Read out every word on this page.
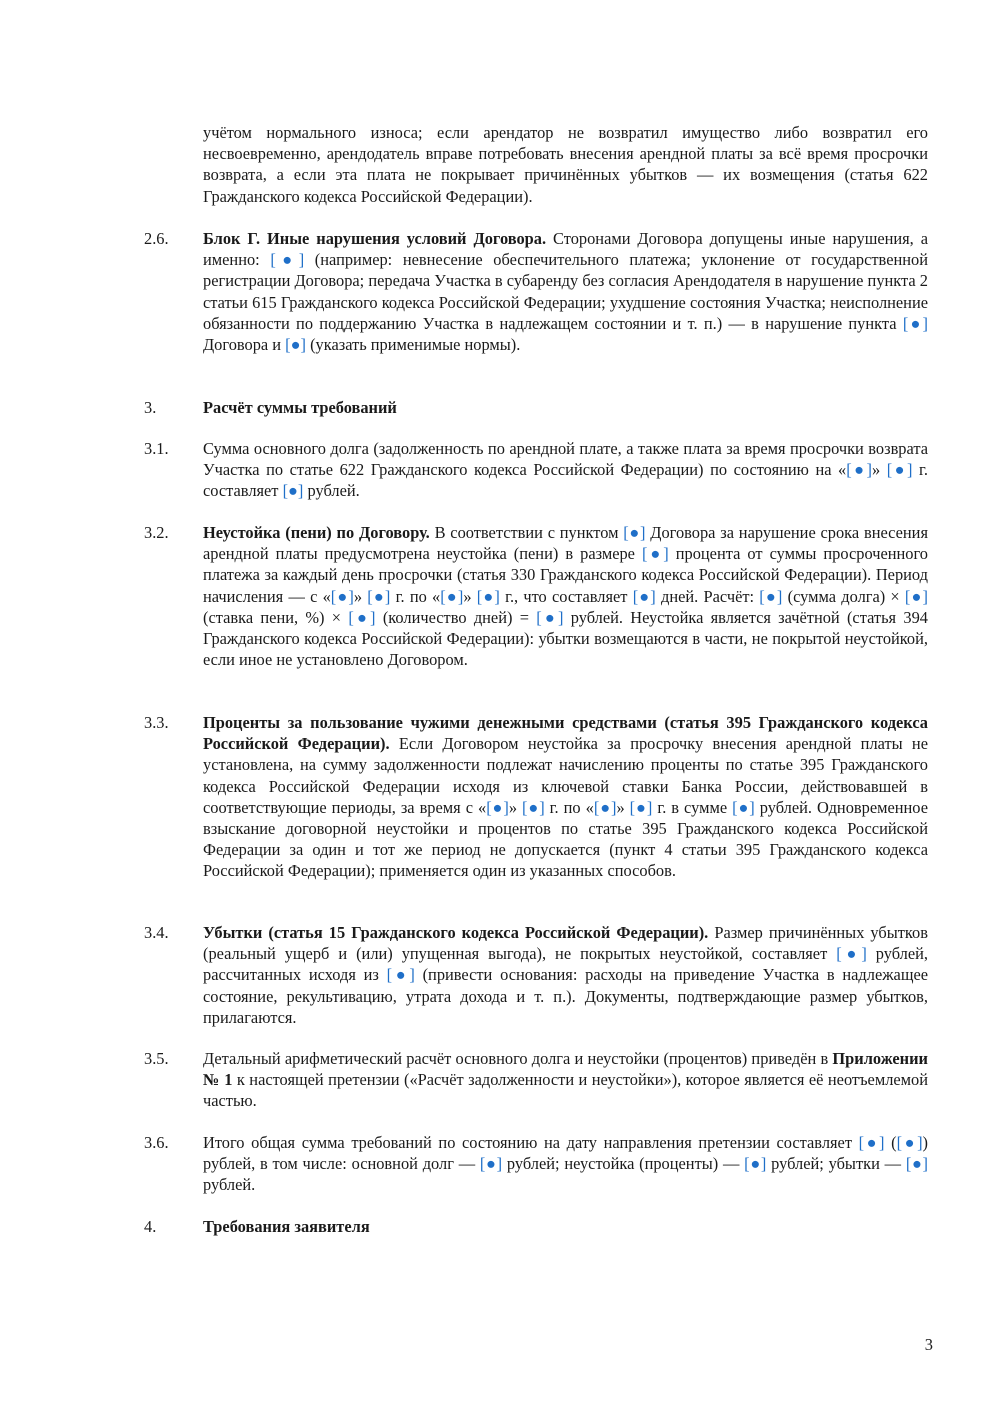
учётом нормального износа; если арендатор не возвратил имущество либо возвратил его несвоевременно, арендодатель вправе потребовать внесения арендной платы за всё время просрочки возврата, а если эта плата не покрывает причинённых убытков — их возмещения (статья 622 Гражданского кодекса Российской Федерации).
2.6.	Блок Г. Иные нарушения условий Договора. Сторонами Договора допущены иные нарушения, а именно: [●] (например: невнесение обеспечительного платежа; уклонение от государственной регистрации Договора; передача Участка в субаренду без согласия Арендодателя в нарушение пункта 2 статьи 615 Гражданского кодекса Российской Федерации; ухудшение состояния Участка; неисполнение обязанности по поддержанию Участка в надлежащем состоянии и т. п.) — в нарушение пункта [●] Договора и [●] (указать применимые нормы).
3.	Расчёт суммы требований
3.1.	Сумма основного долга (задолженность по арендной плате, а также плата за время просрочки возврата Участка по статье 622 Гражданского кодекса Российской Федерации) по состоянию на «[●]» [●] г. составляет [●] рублей.
3.2.	Неустойка (пени) по Договору. В соответствии с пунктом [●] Договора за нарушение срока внесения арендной платы предусмотрена неустойка (пени) в размере [●] процента от суммы просроченного платежа за каждый день просрочки (статья 330 Гражданского кодекса Российской Федерации). Период начисления — с «[●]» [●] г. по «[●]» [●] г., что составляет [●] дней. Расчёт: [●] (сумма долга) × [●] (ставка пени, %) × [●] (количество дней) = [●] рублей. Неустойка является зачётной (статья 394 Гражданского кодекса Российской Федерации): убытки возмещаются в части, не покрытой неустойкой, если иное не установлено Договором.
3.3.	Проценты за пользование чужими денежными средствами (статья 395 Гражданского кодекса Российской Федерации). Если Договором неустойка за просрочку внесения арендной платы не установлена, на сумму задолженности подлежат начислению проценты по статье 395 Гражданского кодекса Российской Федерации исходя из ключевой ставки Банка России, действовавшей в соответствующие периоды, за время с «[●]» [●] г. по «[●]» [●] г. в сумме [●] рублей. Одновременное взыскание договорной неустойки и процентов по статье 395 Гражданского кодекса Российской Федерации за один и тот же период не допускается (пункт 4 статьи 395 Гражданского кодекса Российской Федерации); применяется один из указанных способов.
3.4.	Убытки (статья 15 Гражданского кодекса Российской Федерации). Размер причинённых убытков (реальный ущерб и (или) упущенная выгода), не покрытых неустойкой, составляет [●] рублей, рассчитанных исходя из [●] (привести основания: расходы на приведение Участка в надлежащее состояние, рекультивацию, утрата дохода и т. п.). Документы, подтверждающие размер убытков, прилагаются.
3.5.	Детальный арифметический расчёт основного долга и неустойки (процентов) приведён в Приложении № 1 к настоящей претензии («Расчёт задолженности и неустойки»), которое является её неотъемлемой частью.
3.6.	Итого общая сумма требований по состоянию на дату направления претензии составляет [●] ([●]) рублей, в том числе: основной долг — [●] рублей; неустойка (проценты) — [●] рублей; убытки — [●] рублей.
4.	Требования заявителя
3
